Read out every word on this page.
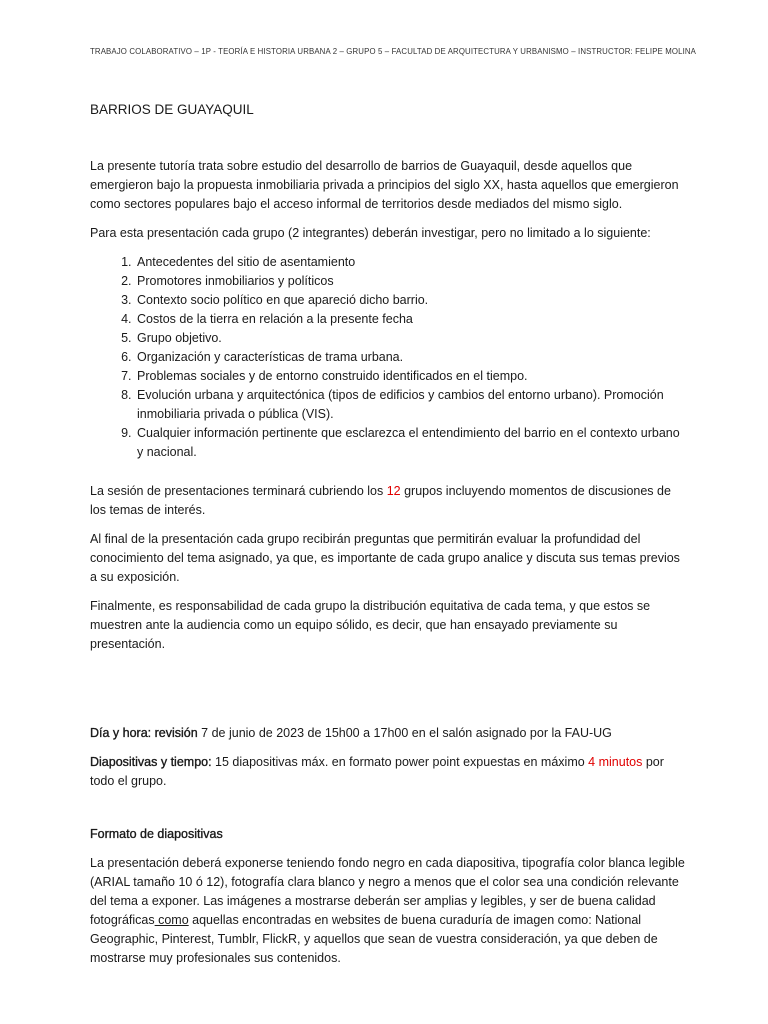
TRABAJO COLABORATIVO – 1P - TEORÍA E HISTORIA URBANA 2 – GRUPO 5 – FACULTAD DE ARQUITECTURA Y URBANISMO – INSTRUCTOR: FELIPE MOLINA

BARRIOS DE GUAYAQUIL

La presente tutoría trata sobre estudio del desarrollo de barrios de Guayaquil, desde aquellos que emergieron bajo la propuesta inmobiliaria privada a principios del siglo XX, hasta aquellos que emergieron como sectores populares bajo el acceso informal de territorios desde mediados del mismo siglo.

Para esta presentación cada grupo (2 integrantes) deberán investigar, pero no limitado a lo siguiente:

1. Antecedentes del sitio de asentamiento
2. Promotores inmobiliarios y políticos
3. Contexto socio político en que apareció dicho barrio.
4. Costos de la tierra en relación a la presente fecha
5. Grupo objetivo.
6. Organización y características de trama urbana.
7. Problemas sociales y de entorno construido identificados en el tiempo.
8. Evolución urbana y arquitectónica (tipos de edificios y cambios del entorno urbano). Promoción inmobiliaria privada o pública (VIS).
9. Cualquier información pertinente que esclarezca el entendimiento del barrio en el contexto urbano y nacional.

La sesión de presentaciones terminará cubriendo los 12 grupos incluyendo momentos de discusiones de los temas de interés.

Al final de la presentación cada grupo recibirán preguntas que permitirán evaluar la profundidad del conocimiento del tema asignado, ya que, es importante de cada grupo analice y discuta sus temas previos a su exposición.

Finalmente, es responsabilidad de cada grupo la distribución equitativa de cada tema, y que estos se muestren ante la audiencia como un equipo sólido, es decir, que han ensayado previamente su presentación.

Día y hora: revisión 7 de junio de 2023 de 15h00 a 17h00 en el salón asignado por la FAU-UG

Diapositivas y tiempo: 15 diapositivas máx. en formato power point expuestas en máximo 4 minutos por todo el grupo.

Formato de diapositivas

La presentación deberá exponerse teniendo fondo negro en cada diapositiva, tipografía color blanca legible (ARIAL tamaño 10 ó 12), fotografía clara blanco y negro a menos que el color sea una condición relevante del tema a exponer. Las imágenes a mostrarse deberán ser amplias y legibles, y ser de buena calidad fotográficas como aquellas encontradas en websites de buena curaduría de imagen como: National Geographic, Pinterest, Tumblr, FlickR, y aquellos que sean de vuestra consideración, ya que deben de mostrarse muy profesionales sus contenidos.
